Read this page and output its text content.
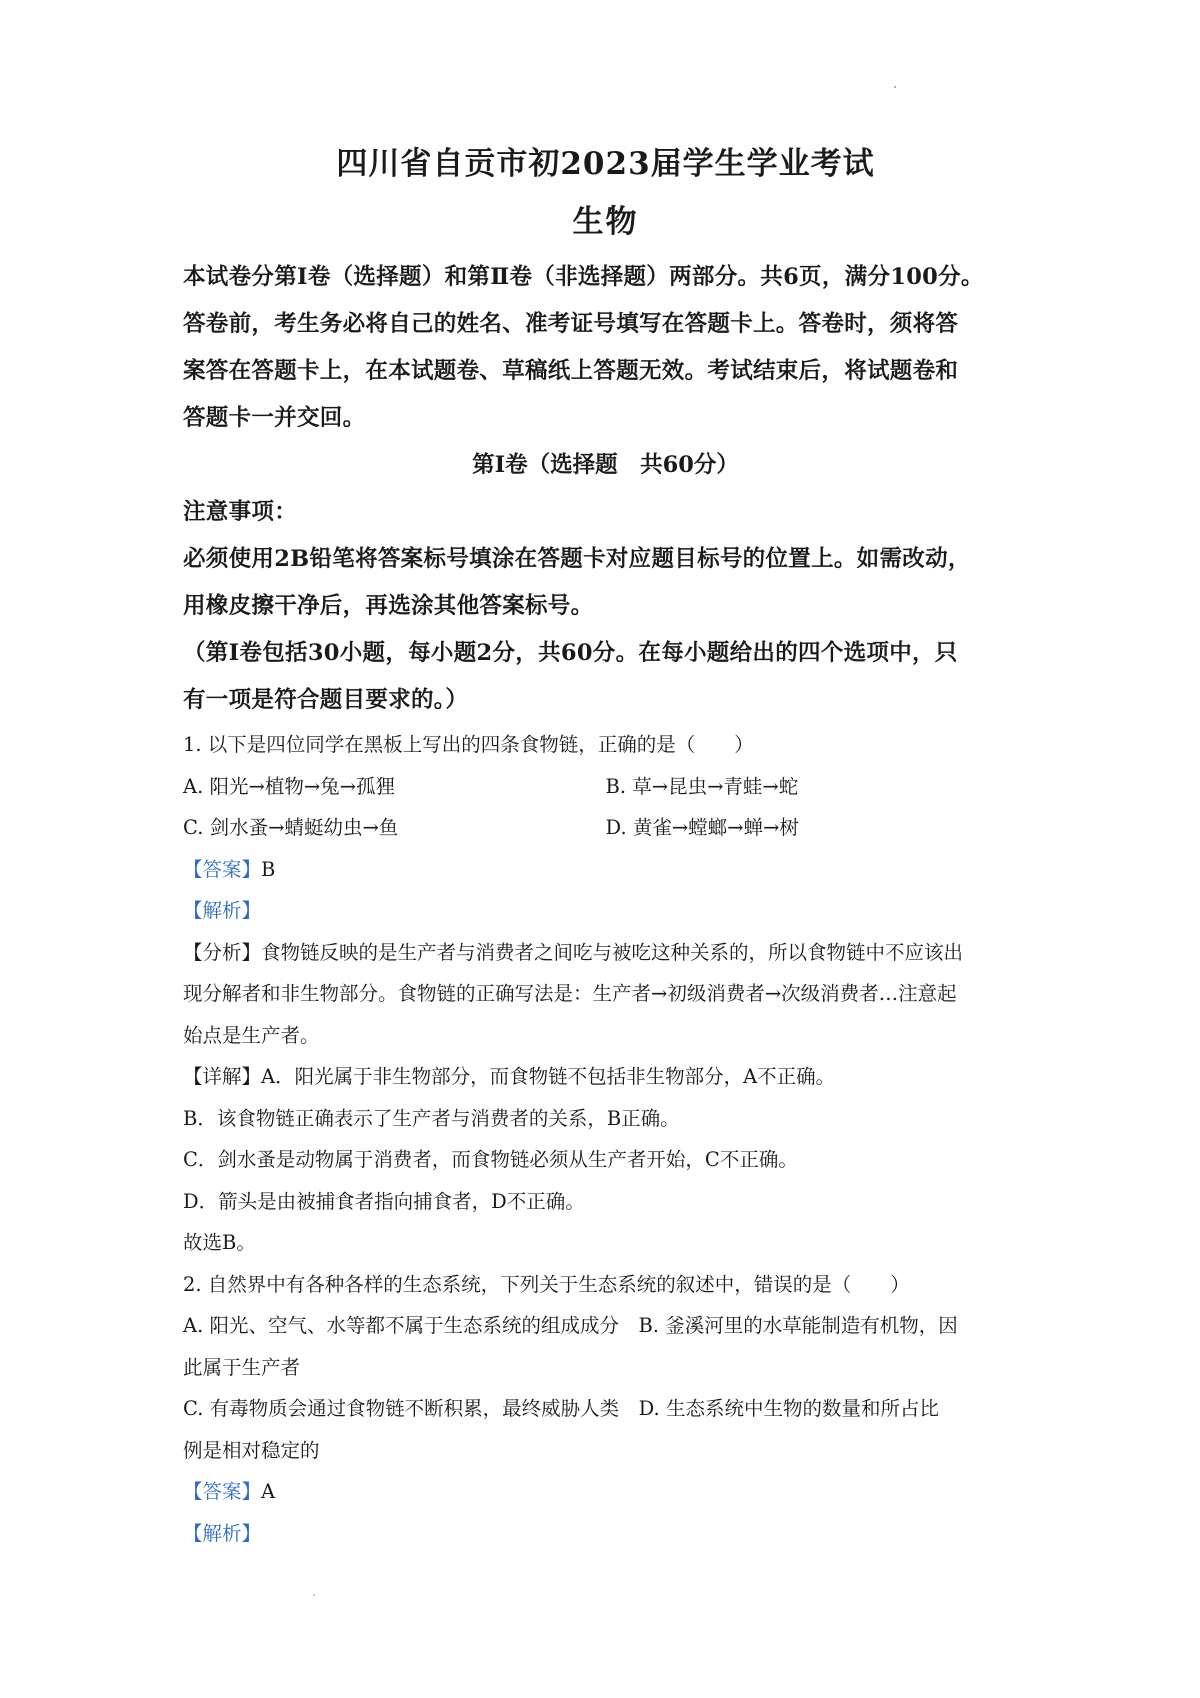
四川省自贡市初2023届学生学业考试
生物

本试卷分第Ⅰ卷（选择题）和第Ⅱ卷（非选择题）两部分。共6页，满分100分。

答卷前，考生务必将自己的姓名、准考证号填写在答题卡上。答卷时，须将答

案答在答题卡上，在本试题卷、草稿纸上答题无效。考试结束后，将试题卷和

答题卡一并交回。

第Ⅰ卷（选择题　共60分）

注意事项：

必须使用2B铅笔将答案标号填涂在答题卡对应题目标号的位置上。如需改动，

用橡皮擦干净后，再选涂其他答案标号。

（第Ⅰ卷包括30小题，每小题2分，共60分。在每小题给出的四个选项中，只

有一项是符合题目要求的。）

1. 以下是四位同学在黑板上写出的四条食物链，正确的是（　　）

A. 阳光→植物→兔→孤狸	B. 草→昆虫→青蛙→蛇
C. 剑水蚤→蜻蜓幼虫→鱼	D. 黄雀→螳螂→蝉→树

【答案】B

【解析】

【分析】食物链反映的是生产者与消费者之间吃与被吃这种关系的，所以食物链中不应该出

现分解者和非生物部分。食物链的正确写法是：生产者→初级消费者→次级消费者…注意起

始点是生产者。

【详解】A．阳光属于非生物部分，而食物链不包括非生物部分，A不正确。

B．该食物链正确表示了生产者与消费者的关系，B正确。

C．剑水蚤是动物属于消费者，而食物链必须从生产者开始，C不正确。

D．箭头是由被捕食者指向捕食者，D不正确。

故选B。

2. 自然界中有各种各样的生态系统，下列关于生态系统的叙述中，错误的是（　　）

A. 阳光、空气、水等都不属于生态系统的组成成分　B. 釜溪河里的水草能制造有机物，因

此属于生产者

C. 有毒物质会通过食物链不断积累，最终威胁人类　D. 生态系统中生物的数量和所占比

例是相对稳定的

【答案】A

【解析】
